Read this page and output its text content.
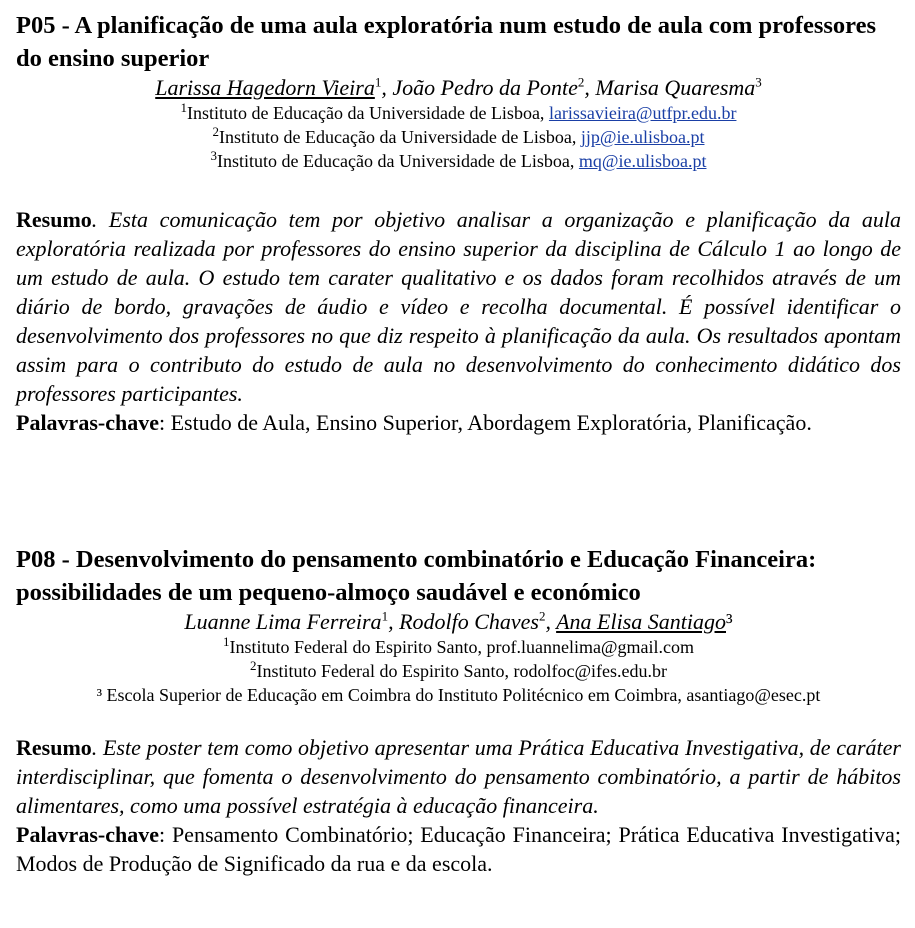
P05 - A planificação de uma aula exploratória num estudo de aula com professores do ensino superior

Larissa Hagedorn Vieira$^1$, João Pedro da Ponte$^2$, Marisa Quaresma$^3$

$^1$Instituto de Educação da Universidade de Lisboa, larissavieira@utfpr.edu.br

$^2$Instituto de Educação da Universidade de Lisboa, jjp@ie.ulisboa.pt

$^3$Instituto de Educação da Universidade de Lisboa, mq@ie.ulisboa.pt

Resumo. Esta comunicação tem por objetivo analisar a organização e planificação da aula exploratória realizada por professores do ensino superior da disciplina de Cálculo 1 ao longo de um estudo de aula. O estudo tem carater qualitativo e os dados foram recolhidos através de um diário de bordo, gravações de áudio e vídeo e recolha documental. É possível identificar o desenvolvimento dos professores no que diz respeito à planificação da aula. Os resultados apontam assim para o contributo do estudo de aula no desenvolvimento do conhecimento didático dos professores participantes.

Palavras-chave: Estudo de Aula, Ensino Superior, Abordagem Exploratória, Planificação.

P08 - Desenvolvimento do pensamento combinatório e Educação Financeira: possibilidades de um pequeno-almoço saudável e económico

Luanne Lima Ferreira$^1$, Rodolfo Chaves$^2$, Ana Elisa Santiago³

$^1$Instituto Federal do Espirito Santo, prof.luannelima@gmail.com

$^2$Instituto Federal do Espirito Santo, rodolfoc@ifes.edu.br

³ Escola Superior de Educação em Coimbra do Instituto Politécnico em Coimbra, asantiago@esec.pt

Resumo. Este poster tem como objetivo apresentar uma Prática Educativa Investigativa, de caráter interdisciplinar, que fomenta o desenvolvimento do pensamento combinatório, a partir de hábitos alimentares, como uma possível estratégia à educação financeira.

Palavras-chave: Pensamento Combinatório; Educação Financeira; Prática Educativa Investigativa; Modos de Produção de Significado da rua e da escola.
